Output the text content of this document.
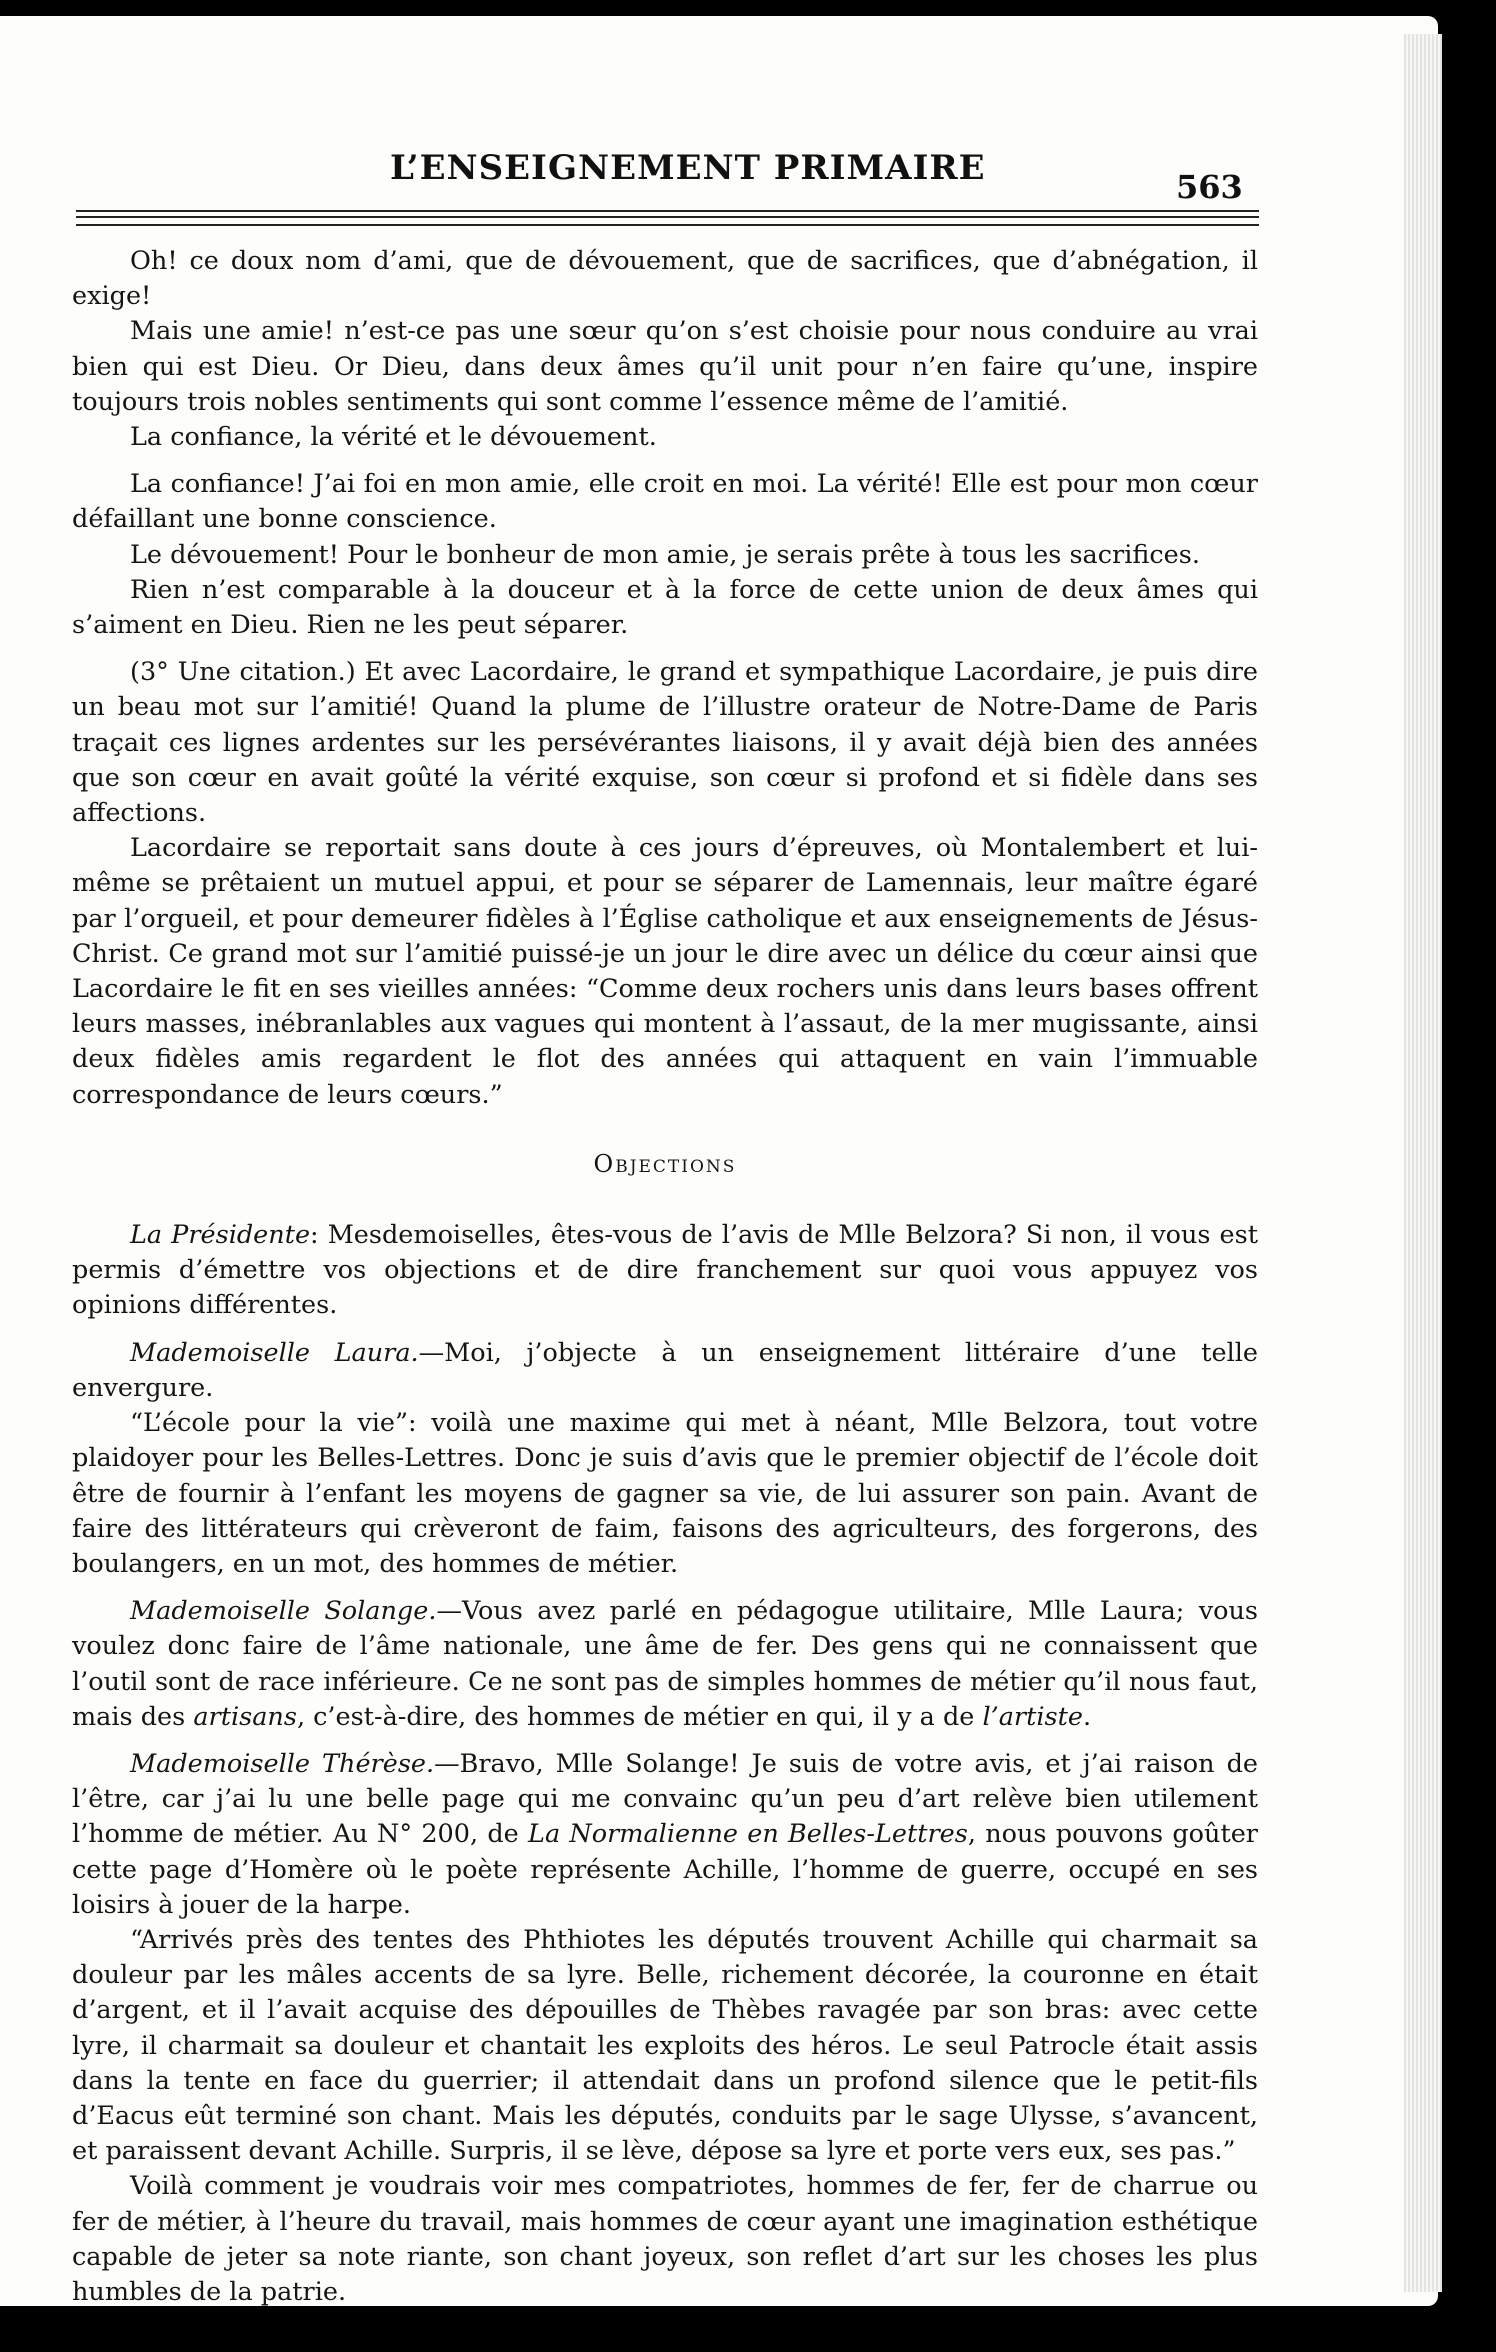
L’ENSEIGNEMENT PRIMAIRE	563

Oh! ce doux nom d’ami, que de dévouement, que de sacrifices, que d’abnégation, il exige!

Mais une amie! n’est-ce pas une sœur qu’on s’est choisie pour nous conduire au vrai bien qui est Dieu. Or Dieu, dans deux âmes qu’il unit pour n’en faire qu’une, inspire toujours trois nobles sentiments qui sont comme l’essence même de l’amitié.

La confiance, la vérité et le dévouement.

La confiance! J’ai foi en mon amie, elle croit en moi. La vérité! Elle est pour mon cœur défaillant une bonne conscience.

Le dévouement! Pour le bonheur de mon amie, je serais prête à tous les sacrifices.

Rien n’est comparable à la douceur et à la force de cette union de deux âmes qui s’aiment en Dieu. Rien ne les peut séparer.

(3° Une citation.) Et avec Lacordaire, le grand et sympathique Lacordaire, je puis dire un beau mot sur l’amitié! Quand la plume de l’illustre orateur de Notre-Dame de Paris traçait ces lignes ardentes sur les persévérantes liaisons, il y avait déjà bien des années que son cœur en avait goûté la vérité exquise, son cœur si profond et si fidèle dans ses affections.

Lacordaire se reportait sans doute à ces jours d’épreuves, où Montalembert et lui-même se prêtaient un mutuel appui, et pour se séparer de Lamennais, leur maître égaré par l’orgueil, et pour demeurer fidèles à l’Église catholique et aux enseignements de Jésus-Christ. Ce grand mot sur l’amitié puissé-je un jour le dire avec un délice du cœur ainsi que Lacordaire le fit en ses vieilles années: “Comme deux rochers unis dans leurs bases offrent leurs masses, inébranlables aux vagues qui montent à l’assaut, de la mer mugissante, ainsi deux fidèles amis regardent le flot des années qui attaquent en vain l’immuable correspondance de leurs cœurs.”

Objections

La Présidente: Mesdemoiselles, êtes-vous de l’avis de Mlle Belzora? Si non, il vous est permis d’émettre vos objections et de dire franchement sur quoi vous appuyez vos opinions différentes.

Mademoiselle Laura.—Moi, j’objecte à un enseignement littéraire d’une telle envergure.

“L’école pour la vie”: voilà une maxime qui met à néant, Mlle Belzora, tout votre plaidoyer pour les Belles-Lettres. Donc je suis d’avis que le premier objectif de l’école doit être de fournir à l’enfant les moyens de gagner sa vie, de lui assurer son pain. Avant de faire des littérateurs qui crèveront de faim, faisons des agriculteurs, des forgerons, des boulangers, en un mot, des hommes de métier.

Mademoiselle Solange.—Vous avez parlé en pédagogue utilitaire, Mlle Laura; vous voulez donc faire de l’âme nationale, une âme de fer. Des gens qui ne connaissent que l’outil sont de race inférieure. Ce ne sont pas de simples hommes de métier qu’il nous faut, mais des artisans, c’est-à-dire, des hommes de métier en qui, il y a de l’artiste.

Mademoiselle Thérèse.—Bravo, Mlle Solange! Je suis de votre avis, et j’ai raison de l’être, car j’ai lu une belle page qui me convainc qu’un peu d’art relève bien utilement l’homme de métier. Au N° 200, de La Normalienne en Belles-Lettres, nous pouvons goûter cette page d’Homère où le poète représente Achille, l’homme de guerre, occupé en ses loisirs à jouer de la harpe.

“Arrivés près des tentes des Phthiotes les députés trouvent Achille qui charmait sa douleur par les mâles accents de sa lyre. Belle, richement décorée, la couronne en était d’argent, et il l’avait acquise des dépouilles de Thèbes ravagée par son bras: avec cette lyre, il charmait sa douleur et chantait les exploits des héros. Le seul Patrocle était assis dans la tente en face du guerrier; il attendait dans un profond silence que le petit-fils d’Eacus eût terminé son chant. Mais les députés, conduits par le sage Ulysse, s’avancent, et paraissent devant Achille. Surpris, il se lève, dépose sa lyre et porte vers eux, ses pas.”

Voilà comment je voudrais voir mes compatriotes, hommes de fer, fer de charrue ou fer de métier, à l’heure du travail, mais hommes de cœur ayant une imagination esthétique capable de jeter sa note riante, son chant joyeux, son reflet d’art sur les choses les plus humbles de la patrie.
